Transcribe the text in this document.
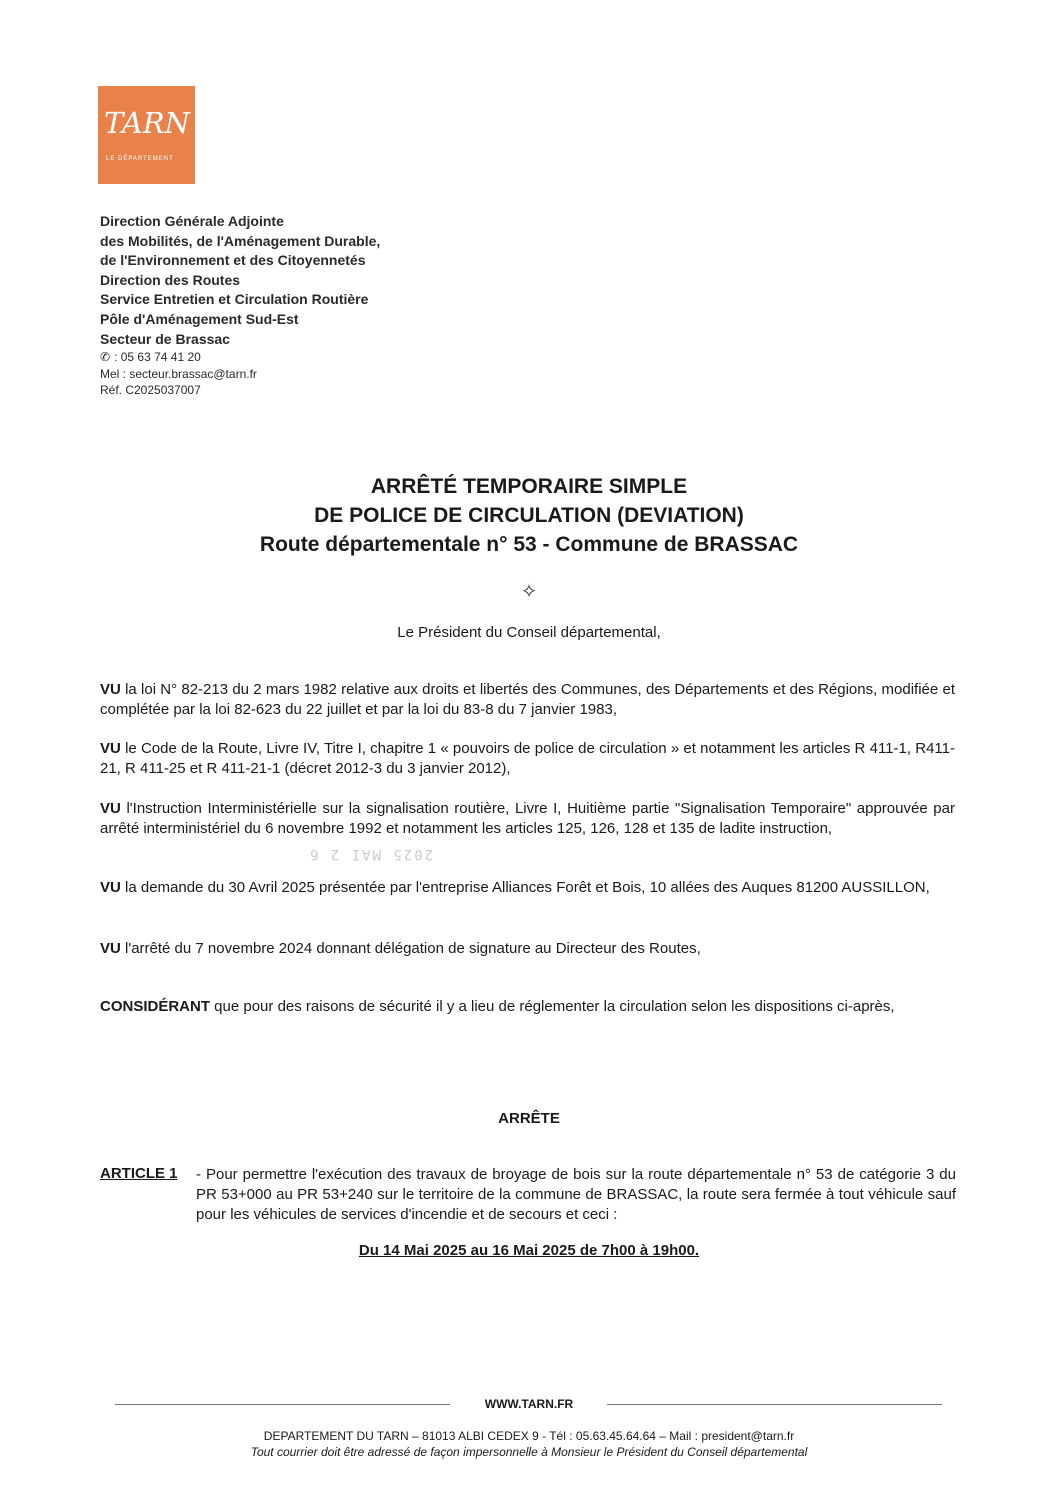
TARN
LE DÉPARTEMENT
Direction Générale Adjointe
des Mobilités, de l'Aménagement Durable,
de l'Environnement et des Citoyennetés
Direction des Routes
Service Entretien et Circulation Routière
Pôle d'Aménagement Sud-Est
Secteur de Brassac
✆ : 05 63 74 41 20
Mel : secteur.brassac@tarn.fr
Réf. C2025037007
ARRÊTÉ TEMPORAIRE SIMPLE
DE POLICE DE CIRCULATION (DEVIATION)
Route départementale n° 53 - Commune de BRASSAC
✧
Le Président du Conseil départemental,
VU la loi N° 82-213 du 2 mars 1982 relative aux droits et libertés des Communes, des Départements et des Régions, modifiée et complétée par la loi 82-623 du 22 juillet et par la loi du 83-8 du 7 janvier 1983,
VU le Code de la Route, Livre IV, Titre I, chapitre 1 « pouvoirs de police de circulation » et notamment les articles R 411-1, R411-21, R 411-25 et R 411-21-1 (décret 2012-3 du 3 janvier 2012),
VU l'Instruction Interministérielle sur la signalisation routière, Livre I, Huitième partie "Signalisation Temporaire" approuvée par arrêté interministériel du 6 novembre 1992 et notamment les articles 125, 126, 128 et 135 de ladite instruction,
VU la demande du 30 Avril 2025 présentée par l'entreprise Alliances Forêt et Bois, 10 allées des Auques 81200 AUSSILLON,
VU l'arrêté du 7 novembre 2024 donnant délégation de signature au Directeur des Routes,
2025 MAI 2 6
CONSIDÉRANT que pour des raisons de sécurité il y a lieu de réglementer la circulation selon les dispositions ci-après,
ARRÊTE
ARTICLE 1 - Pour permettre l'exécution des travaux de broyage de bois sur la route départementale n° 53 de catégorie 3 du PR 53+000 au PR 53+240 sur le territoire de la commune de BRASSAC, la route sera fermée à tout véhicule sauf pour les véhicules de services d'incendie et de secours et ceci :
Du 14 Mai 2025 au 16 Mai 2025 de 7h00 à 19h00.
WWW.TARN.FR
DEPARTEMENT DU TARN – 81013 ALBI CEDEX 9 - Tél : 05.63.45.64.64 – Mail : president@tarn.fr
Tout courrier doit être adressé de façon impersonnelle à Monsieur le Président du Conseil départemental
